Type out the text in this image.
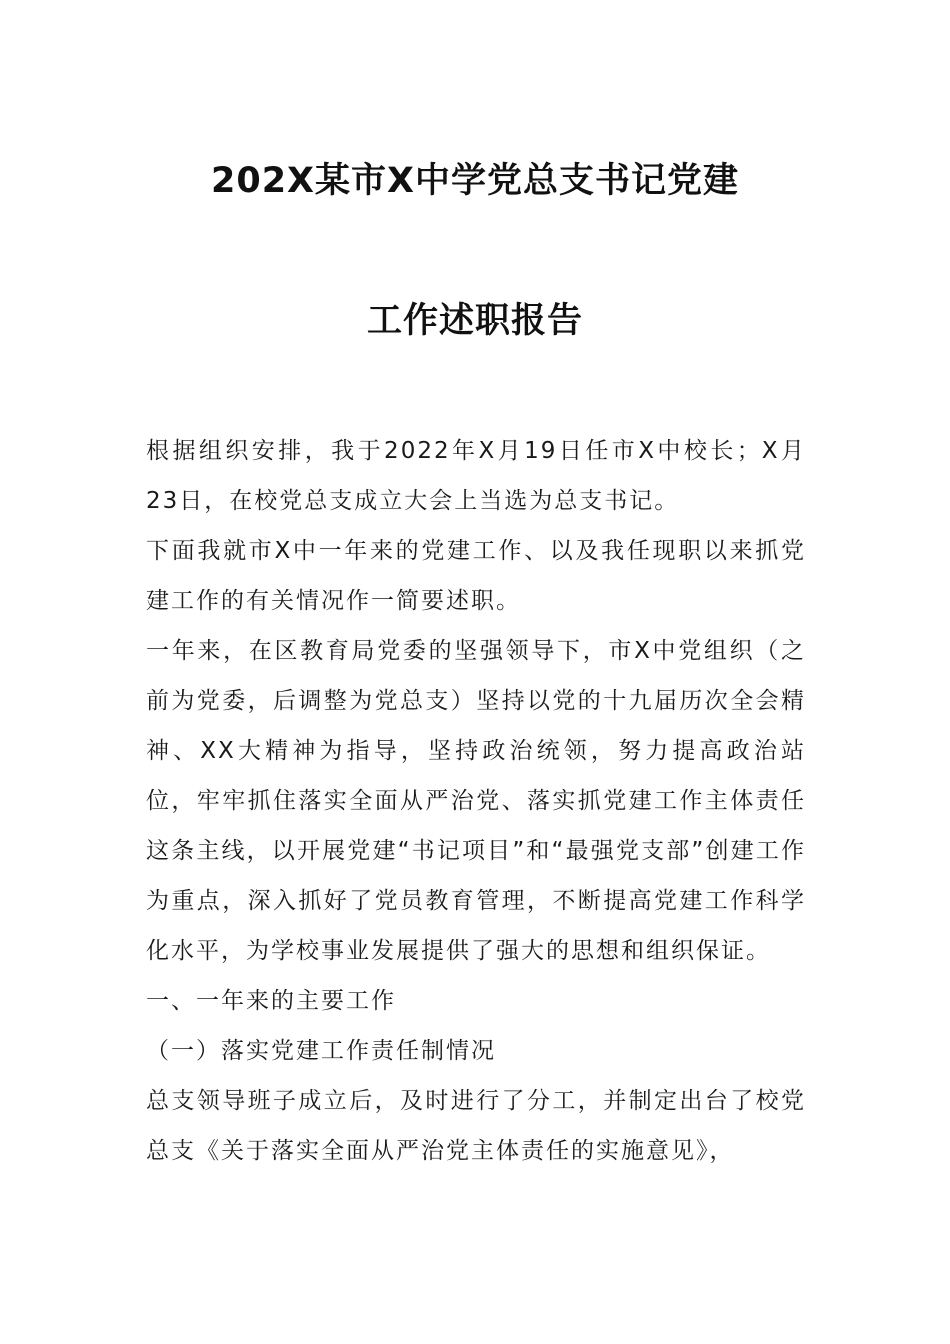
202X某市X中学党总支书记党建
工作述职报告

根据组织安排，我于2022年X月19日任市X中校长；X月23日，在校党总支成立大会上当选为总支书记。

下面我就市X中一年来的党建工作、以及我任现职以来抓党建工作的有关情况作一简要述职。

一年来，在区教育局党委的坚强领导下，市X中党组织（之前为党委，后调整为党总支）坚持以党的十九届历次全会精神、XX大精神为指导，坚持政治统领，努力提高政治站位，牢牢抓住落实全面从严治党、落实抓党建工作主体责任这条主线，以开展党建“书记项目”和“最强党支部”创建工作为重点，深入抓好了党员教育管理，不断提高党建工作科学化水平，为学校事业发展提供了强大的思想和组织保证。

一、一年来的主要工作

（一）落实党建工作责任制情况

总支领导班子成立后，及时进行了分工，并制定出台了校党总支《关于落实全面从严治党主体责任的实施意见》，
